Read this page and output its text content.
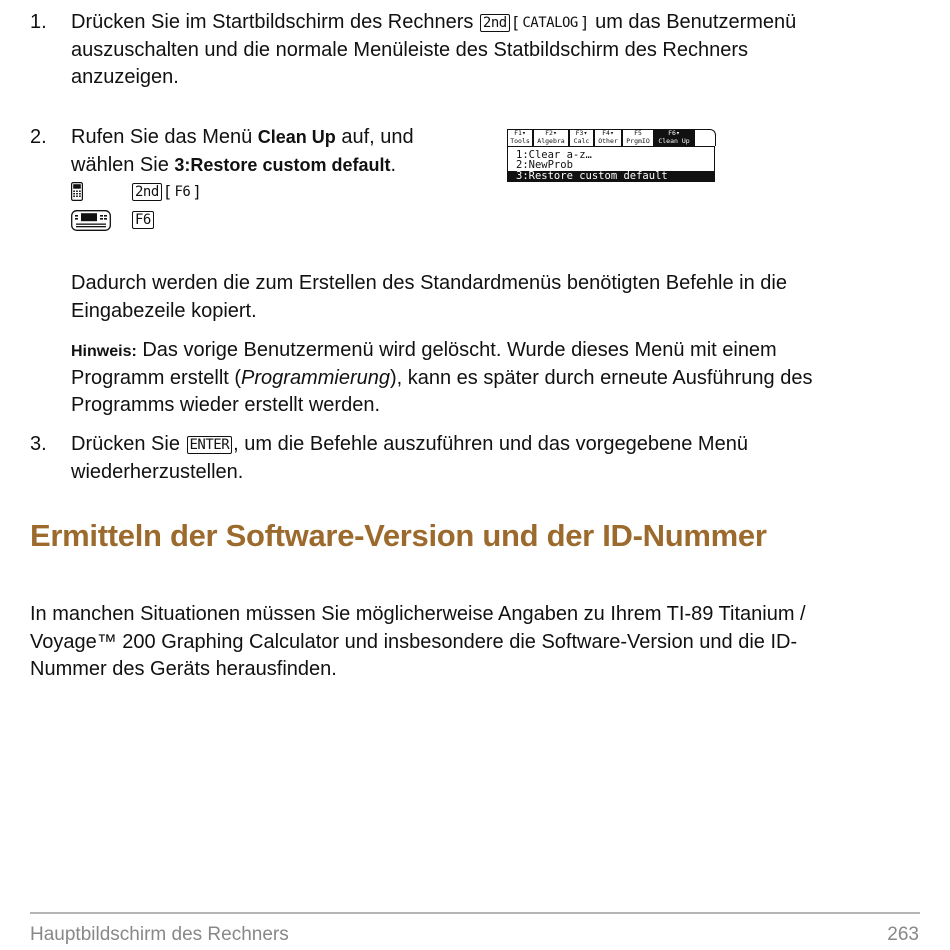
1. Drücken Sie im Startbildschirm des Rechners 2nd [ CATALOG ] um das Benutzermenü

auszuschalten und die normale Menüleiste des Statbildschirm des Rechners

anzuzeigen.

2. Rufen Sie das Menü Clean Up auf, und

wählen Sie 3:Restore custom default.

2nd [ F6 ]

F6

F1▾
Tools
F2▾
Algebra
F3▾
Calc
F4▾
Other
F5
PrgmIO
F6▾
Clean Up
1:Clear a-z…
2:NewProb
3:Restore custom default

Dadurch werden die zum Erstellen des Standardmenüs benötigten Befehle in die

Eingabezeile kopiert.

Hinweis: Das vorige Benutzermenü wird gelöscht. Wurde dieses Menü mit einem

Programm erstellt (Programmierung), kann es später durch erneute Ausführung des

Programms wieder erstellt werden.

3. Drücken Sie ENTER , um die Befehle auszuführen und das vorgegebene Menü

wiederherzustellen.

Ermitteln der Software-Version und der ID-Nummer

In manchen Situationen müssen Sie möglicherweise Angaben zu Ihrem TI-89 Titanium /

Voyage™ 200 Graphing Calculator und insbesondere die Software-Version und die ID-

Nummer des Geräts herausfinden.

Hauptbildschirm des Rechners	263
